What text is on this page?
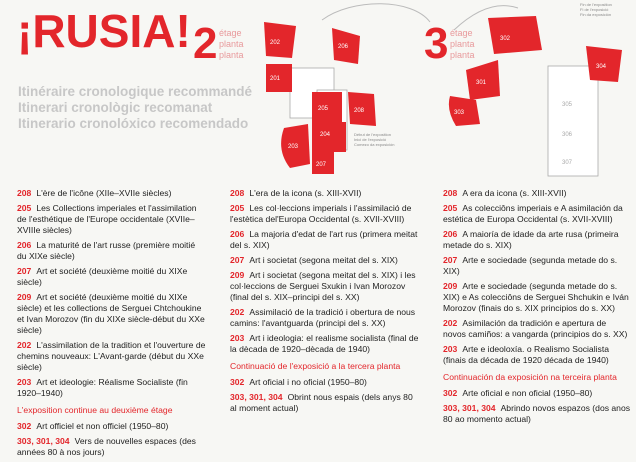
¡RUSIA!
Itinéraire cronologique recommandé
Itinerari cronològic recomanat
Itinerario cronolóxico recomendado
2 étage
planta
planta	3 étage
planta
planta
202
201
206
205	208
204
203
207
Début de l'exposition
Inici de l'exposició
Comezo da exposición
302
301
304
303
305
306
307
Fin de l'exposition
Fi de l'exposició
Fin da exposición
208 L'ère de l'icône (XIIe–XVIIe siècles)
205 Les Collections imperiales et l'assimilation de l'esthétique de l'Europe occidentale (XVIIe–XVIIIe siècles)
206 La maturité de l'art russe (première moitié du XIXe siècle)
207 Art et société (deuxième moitié du XIXe siècle)
209 Art et société (deuxième moitié du XIXe siècle) et les collections de Serguei Chtchoukine et Ivan Morozov (fin du XIXe siècle-début du XXe siècle)
202 L'assimilation de la tradition et l'ouverture de chemins nouveaux: L'Avant-garde (début du XXe siècle)
203 Art et ideologie: Réalisme Socialiste (fin 1920–1940)
L'exposition continue au deuxième étage
302 Art officiel et non officiel (1950–80)
303, 301, 304 Vers de nouvelles espaces (des années 80 à nos jours)
208 L'era de la icona (s. XIII-XVII)
205 Les col·leccions imperials i l'assimilació de l'estètica del'Europa Occidental (s. XVII-XVIII)
206 La majoria d'edat de l'art rus (primera meitat del s. XIX)
207 Art i societat (segona meitat del s. XIX)
209 Art i societat (segona meitat del s. XIX) i les col·leccions de Serguei Sxukin i Ivan Morozov (final del s. XIX–principi del s. XX)
202 Assimilació de la tradició i obertura de nous camins: l'avantguarda (principi del s. XX)
203 Art i ideologia: el realisme socialista (final de la dècada de 1920–dècada de 1940)
Continuació de l'exposició a la tercera planta
302 Art oficial i no oficial (1950–80)
303, 301, 304 Obrint nous espais (dels anys 80 al moment actual)
208 A era da icona (s. XIII-XVII)
205 As colecciôns imperiais e A asimilación da estética de Europa Occidental (s. XVII-XVIII)
206 A maioría de idade da arte rusa (primeira metade do s. XIX)
207 Arte e sociedade (segunda metade do s. XIX)
209 Arte e sociedade (segunda metade do s. XIX) e As colecciôns de Serguei Shchukin e Iván Morozov (finais do s. XIX principios do s. XX)
202 Asimilación da tradición e apertura de novos camiños: a vangarda (principios do s. XX)
203 Arte e ideoloxía. o Realismo Socialista (finais da década de 1920 década de 1940)
Continuación da exposición na terceira planta
302 Arte oficial e non oficial (1950–80)
303, 301, 304 Abrindo novos espazos (dos anos 80 ao momento actual)
